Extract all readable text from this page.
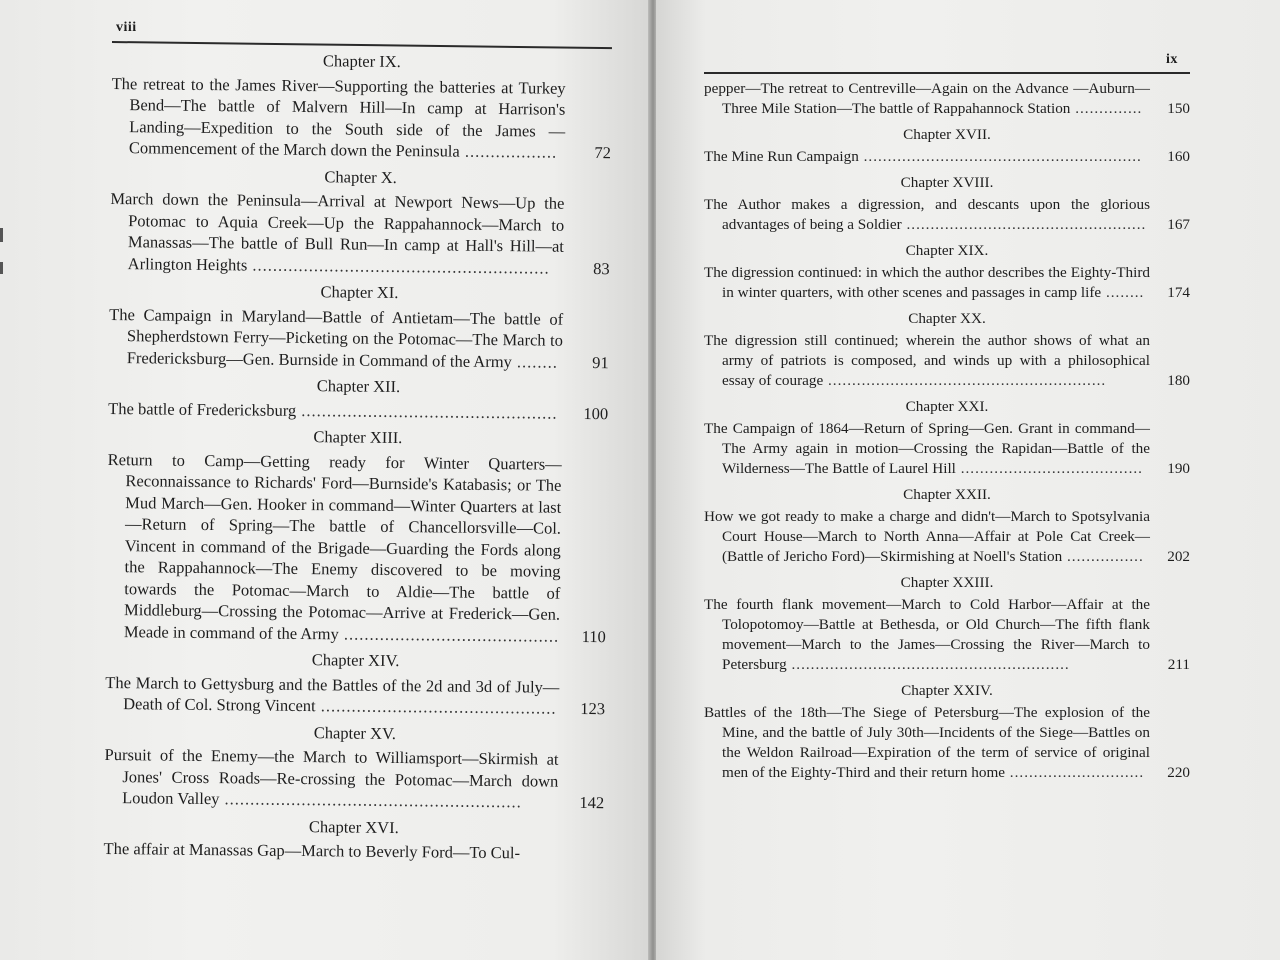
viii
Chapter IX.
The retreat to the James River—Supporting the batteries at Turkey Bend—The battle of Malvern Hill—In camp at Harrison's Landing—Expedition to the South side of the James —Commencement of the March down the Peninsula ..................	72
Chapter X.
March down the Peninsula—Arrival at Newport News—Up the Potomac to Aquia Creek—Up the Rappahannock—March to Manassas—The battle of Bull Run—In camp at Hall's Hill—at Arlington Heights ..........................................................	83
Chapter XI.
The Campaign in Maryland—Battle of Antietam—The battle of Shepherdstown Ferry—Picketing on the Potomac—The March to Fredericksburg—Gen. Burnside in Command of the Army ........	91
Chapter XII.
The battle of Fredericksburg ..................................................	100
Chapter XIII.
Return to Camp—Getting ready for Winter Quarters—Reconnaissance to Richards' Ford—Burnside's Katabasis; or The Mud March—Gen. Hooker in command—Winter Quarters at last—Return of Spring—The battle of Chancellorsville—Col. Vincent in command of the Brigade—Guarding the Fords along the Rappahannock—The Enemy discovered to be moving towards the Potomac—March to Aldie—The battle of Middleburg—Crossing the Potomac—Arrive at Frederick—Gen. Meade in command of the Army ..........................................	110
Chapter XIV.
The March to Gettysburg and the Battles of the 2d and 3d of July—Death of Col. Strong Vincent ..............................................	123
Chapter XV.
Pursuit of the Enemy—the March to Williamsport—Skirmish at Jones' Cross Roads—Re-crossing the Potomac—March down Loudon Valley ..........................................................	142
Chapter XVI.
The affair at Manassas Gap—March to Beverly Ford—To Cul-
ix
pepper—The retreat to Centreville—Again on the Advance —Auburn—Three Mile Station—The battle of Rappahannock Station ..............	150
Chapter XVII.
The Mine Run Campaign ..........................................................	160
Chapter XVIII.
The Author makes a digression, and descants upon the glorious advantages of being a Soldier ..................................................	167
Chapter XIX.
The digression continued: in which the author describes the Eighty-Third in winter quarters, with other scenes and passages in camp life ........	174
Chapter XX.
The digression still continued; wherein the author shows of what an army of patriots is composed, and winds up with a philosophical essay of courage ..........................................................	180
Chapter XXI.
The Campaign of 1864—Return of Spring—Gen. Grant in command—The Army again in motion—Crossing the Rapidan—Battle of the Wilderness—The Battle of Laurel Hill ......................................	190
Chapter XXII.
How we got ready to make a charge and didn't—March to Spotsylvania Court House—March to North Anna—Affair at Pole Cat Creek—(Battle of Jericho Ford)—Skirmishing at Noell's Station ................	202
Chapter XXIII.
The fourth flank movement—March to Cold Harbor—Affair at the Tolopotomoy—Battle at Bethesda, or Old Church—The fifth flank movement—March to the James—Crossing the River—March to Petersburg ..........................................................	211
Chapter XXIV.
Battles of the 18th—The Siege of Petersburg—The explosion of the Mine, and the battle of July 30th—Incidents of the Siege—Battles on the Weldon Railroad—Expiration of the term of service of original men of the Eighty-Third and their return home ............................	220
